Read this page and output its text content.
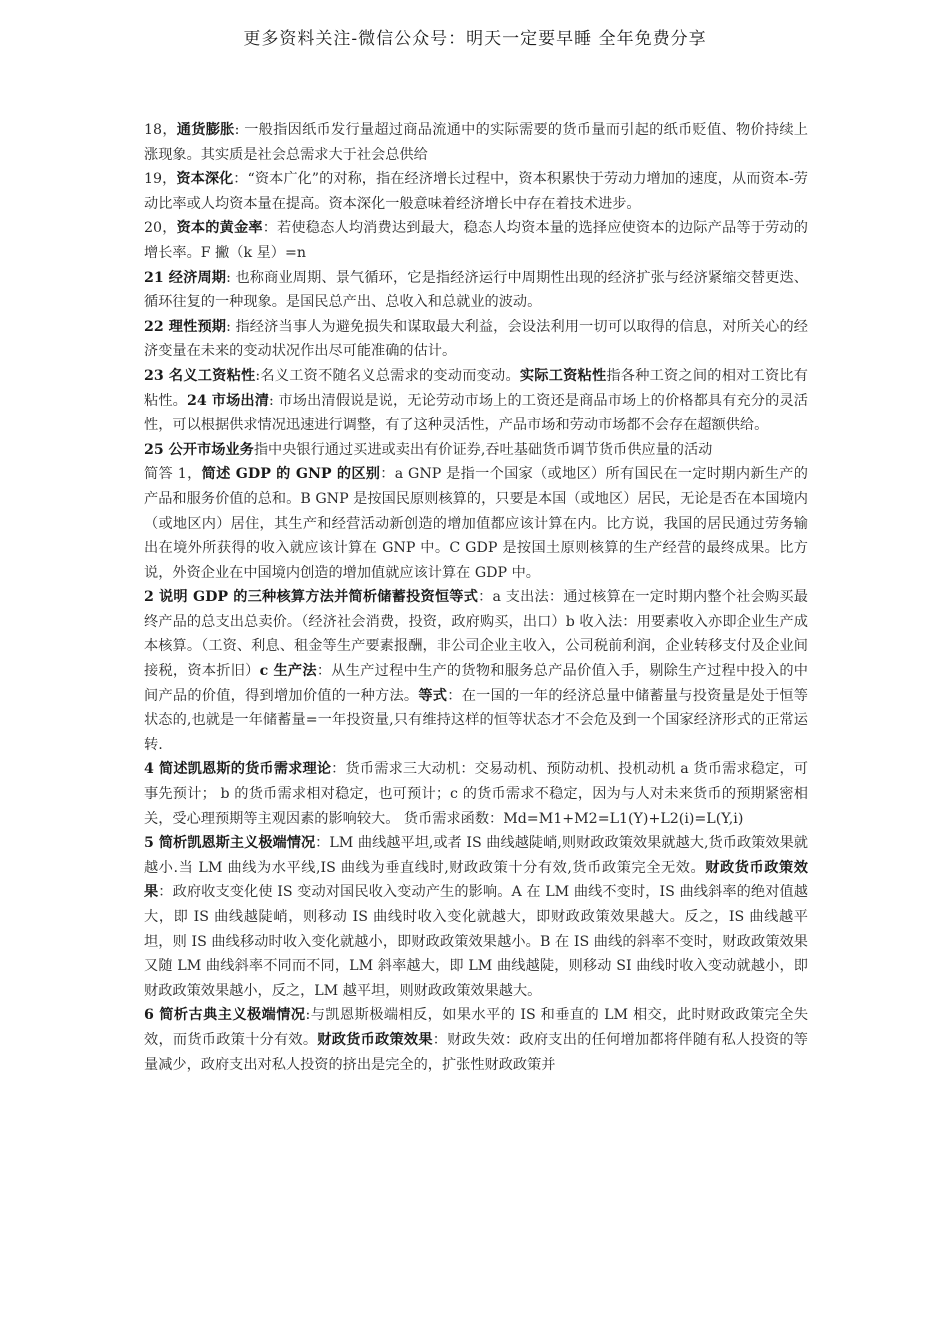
更多资料关注-微信公众号：明天一定要早睡 全年免费分享

18，通货膨胀: 一般指因纸币发行量超过商品流通中的实际需要的货币量而引起的纸币贬值、物价持续上涨现象。其实质是社会总需求大于社会总供给

19，资本深化：“资本广化”的对称，指在经济增长过程中，资本积累快于劳动力增加的速度，从而资本-劳动比率或人均资本量在提高。资本深化一般意味着经济增长中存在着技术进步。

20，资本的黄金率：若使稳态人均消费达到最大，稳态人均资本量的选择应使资本的边际产品等于劳动的增长率。F 撇（k 星）=n

21 经济周期: 也称商业周期、景气循环，它是指经济运行中周期性出现的经济扩张与经济紧缩交替更迭、循环往复的一种现象。是国民总产出、总收入和总就业的波动。

22 理性预期: 指经济当事人为避免损失和谋取最大利益，会设法利用一切可以取得的信息，对所关心的经济变量在未来的变动状况作出尽可能准确的估计。

23 名义工资粘性:名义工资不随名义总需求的变动而变动。实际工资粘性指各种工资之间的相对工资比有粘性。24 市场出清: 市场出清假说是说，无论劳动市场上的工资还是商品市场上的价格都具有充分的灵活性，可以根据供求情况迅速进行调整，有了这种灵活性，产品市场和劳动市场都不会存在超额供给。

25 公开市场业务指中央银行通过买进或卖出有价证券,吞吐基础货币调节货币供应量的活动

简答 1，简述 GDP 的 GNP 的区别：a GNP 是指一个国家（或地区）所有国民在一定时期内新生产的产品和服务价值的总和。B GNP 是按国民原则核算的，只要是本国（或地区）居民，无论是否在本国境内（或地区内）居住，其生产和经营活动新创造的增加值都应该计算在内。比方说，我国的居民通过劳务输出在境外所获得的收入就应该计算在 GNP 中。C GDP 是按国土原则核算的生产经营的最终成果。比方说，外资企业在中国境内创造的增加值就应该计算在 GDP 中。

2 说明 GDP 的三种核算方法并简析储蓄投资恒等式：a 支出法：通过核算在一定时期内整个社会购买最终产品的总支出总卖价。（经济社会消费，投资，政府购买，出口）b 收入法：用要素收入亦即企业生产成本核算。（工资、利息、租金等生产要素报酬，非公司企业主收入，公司税前利润，企业转移支付及企业间接税，资本折旧）c 生产法：从生产过程中生产的货物和服务总产品价值入手，剔除生产过程中投入的中间产品的价值，得到增加价值的一种方法。等式：在一国的一年的经济总量中储蓄量与投资量是处于恒等状态的,也就是一年储蓄量=一年投资量,只有维持这样的恒等状态才不会危及到一个国家经济形式的正常运转.

4 简述凯恩斯的货币需求理论：货币需求三大动机：交易动机、预防动机、投机动机 a 货币需求稳定，可事先预计； b 的货币需求相对稳定，也可预计；c 的货币需求不稳定，因为与人对未来货币的预期紧密相关，受心理预期等主观因素的影响较大。 货币需求函数：Md=M1+M2=L1(Y)+L2(i)=L(Y,i)

5 简析凯恩斯主义极端情况：LM 曲线越平坦,或者 IS 曲线越陡峭,则财政政策效果就越大,货币政策效果就越小.当 LM 曲线为水平线,IS 曲线为垂直线时,财政政策十分有效,货币政策完全无效。财政货币政策效果：政府收支变化使 IS 变动对国民收入变动产生的影响。A 在 LM 曲线不变时，IS 曲线斜率的绝对值越大，即 IS 曲线越陡峭，则移动 IS 曲线时收入变化就越大，即财政政策效果越大。反之，IS 曲线越平坦，则 IS 曲线移动时收入变化就越小，即财政政策效果越小。B 在 IS 曲线的斜率不变时，财政政策效果又随 LM 曲线斜率不同而不同，LM 斜率越大，即 LM 曲线越陡，则移动 SI 曲线时收入变动就越小，即财政政策效果越小，反之，LM 越平坦，则财政政策效果越大。

6 简析古典主义极端情况:与凯恩斯极端相反，如果水平的 IS 和垂直的 LM 相交，此时财政政策完全失效，而货币政策十分有效。财政货币政策效果：财政失效：政府支出的任何增加都将伴随有私人投资的等量减少，政府支出对私人投资的挤出是完全的，扩张性财政政策并
